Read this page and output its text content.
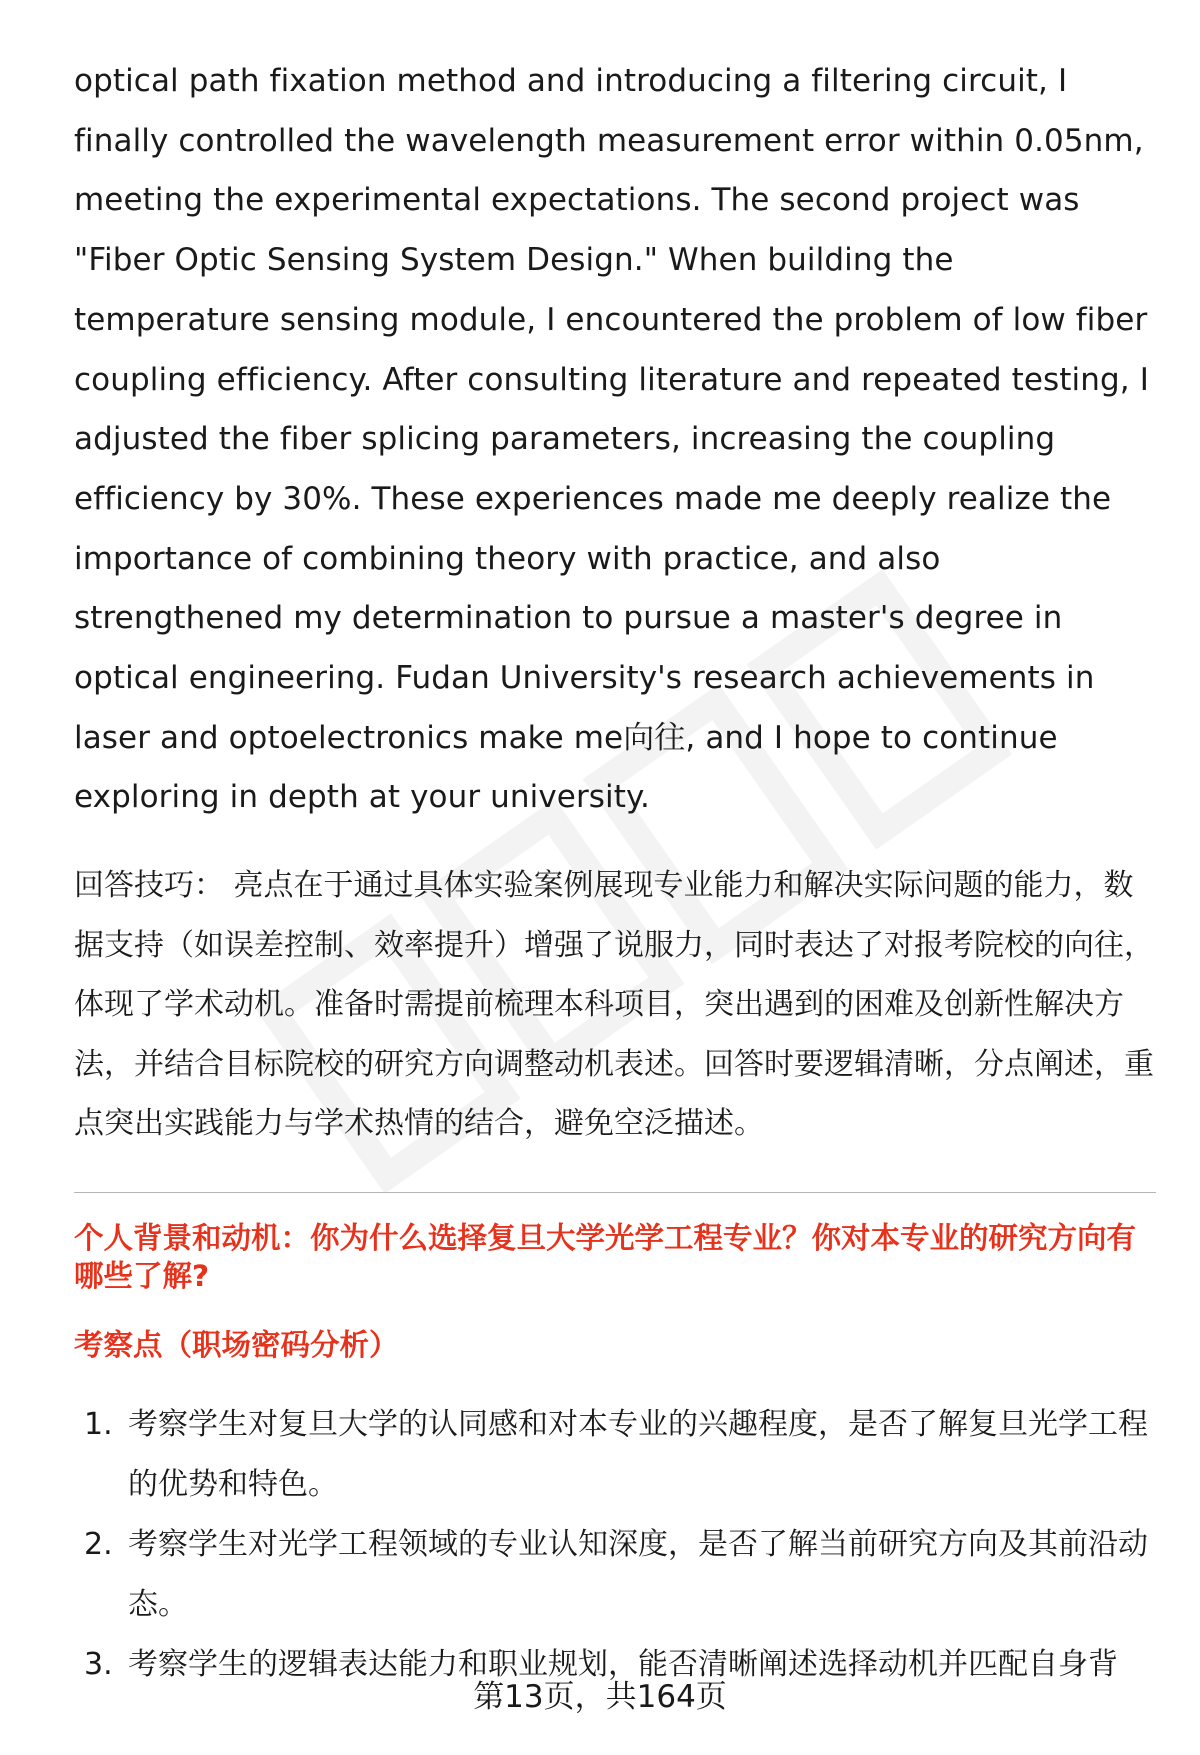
optical path fixation method and introducing a filtering circuit, I finally controlled the wavelength measurement error within 0.05nm, meeting the experimental expectations. The second project was "Fiber Optic Sensing System Design." When building the temperature sensing module, I encountered the problem of low fiber coupling efficiency. After consulting literature and repeated testing, I adjusted the fiber splicing parameters, increasing the coupling efficiency by 30%. These experiences made me deeply realize the importance of combining theory with practice, and also strengthened my determination to pursue a master's degree in optical engineering. Fudan University's research achievements in laser and optoelectronics make me向往, and I hope to continue exploring in depth at your university.

回答技巧： 亮点在于通过具体实验案例展现专业能力和解决实际问题的能力，数据支持（如误差控制、效率提升）增强了说服力，同时表达了对报考院校的向往，体现了学术动机。准备时需提前梳理本科项目，突出遇到的困难及创新性解决方法，并结合目标院校的研究方向调整动机表述。回答时要逻辑清晰，分点阐述，重点突出实践能力与学术热情的结合，避免空泛描述。

个人背景和动机：你为什么选择复旦大学光学工程专业？你对本专业的研究方向有哪些了解?
考察点（职场密码分析）
1. 考察学生对复旦大学的认同感和对本专业的兴趣程度，是否了解复旦光学工程的优势和特色。
2. 考察学生对光学工程领域的专业认知深度，是否了解当前研究方向及其前沿动态。
3. 考察学生的逻辑表达能力和职业规划，能否清晰阐述选择动机并匹配自身背
第13页，共164页
